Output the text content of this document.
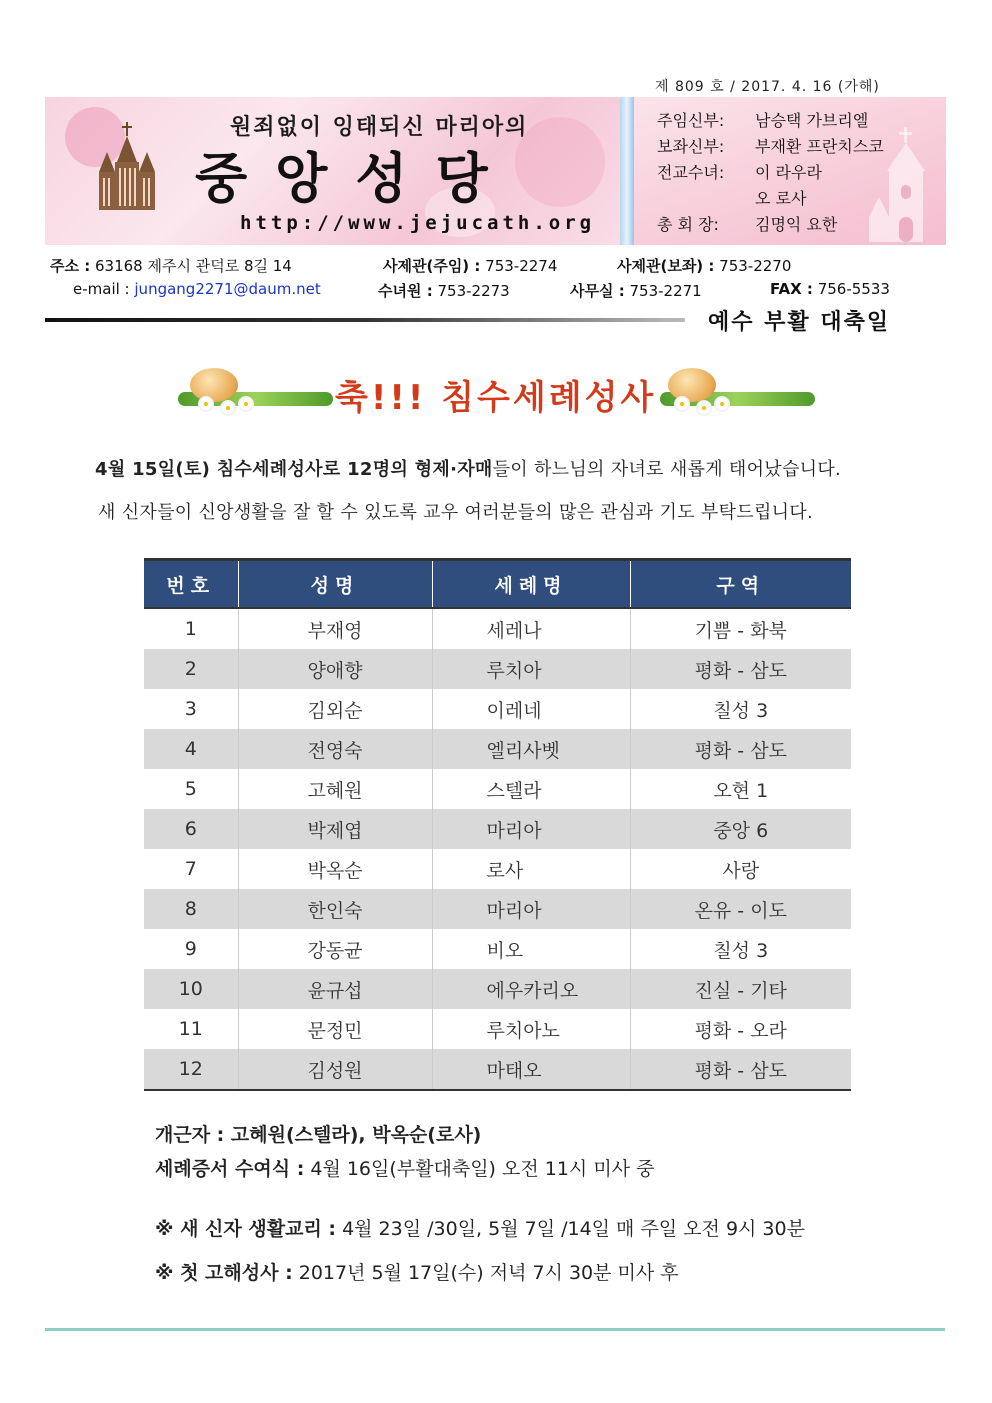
제 809 호 / 2017. 4. 16 (가해)
원죄없이 잉태되신 마리아의
중앙성당
http://www.jejucath.org
주임신부:	남승택 가브리엘
보좌신부:	부재환 프란치스코
전교수녀:	이 라우라
오 로사
총 회 장:	김명익 요한
주소 : 63168 제주시 관덕로 8길 14	사제관(주임) : 753-2274	사제관(보좌) : 753-2270
e-mail : jungang2271@daum.net	수녀원 : 753-2273	사무실 : 753-2271	FAX : 756-5533
예수 부활 대축일
축!!! 침수세례성사
4월 15일(토) 침수세례성사로 12명의 형제·자매들이 하느님의 자녀로 새롭게 태어났습니다.
새 신자들이 신앙생활을 잘 할 수 있도록 교우 여러분들의 많은 관심과 기도 부탁드립니다.
번호	성명	세례명	구역
1	부재영	세레나	기쁨 - 화북
2	양애향	루치아	평화 - 삼도
3	김외순	이레네	칠성 3
4	전영숙	엘리사벳	평화 - 삼도
5	고혜원	스텔라	오현 1
6	박제엽	마리아	중앙 6
7	박옥순	로사	사랑
8	한인숙	마리아	온유 - 이도
9	강동균	비오	칠성 3
10	윤규섭	에우카리오	진실 - 기타
11	문정민	루치아노	평화 - 오라
12	김성원	마태오	평화 - 삼도
개근자 : 고혜원(스텔라), 박옥순(로사)
세례증서 수여식 : 4월 16일(부활대축일) 오전 11시 미사 중
※ 새 신자 생활교리 : 4월 23일 /30일, 5월 7일 /14일 매 주일 오전 9시 30분
※ 첫 고해성사 : 2017년 5월 17일(수) 저녁 7시 30분 미사 후
